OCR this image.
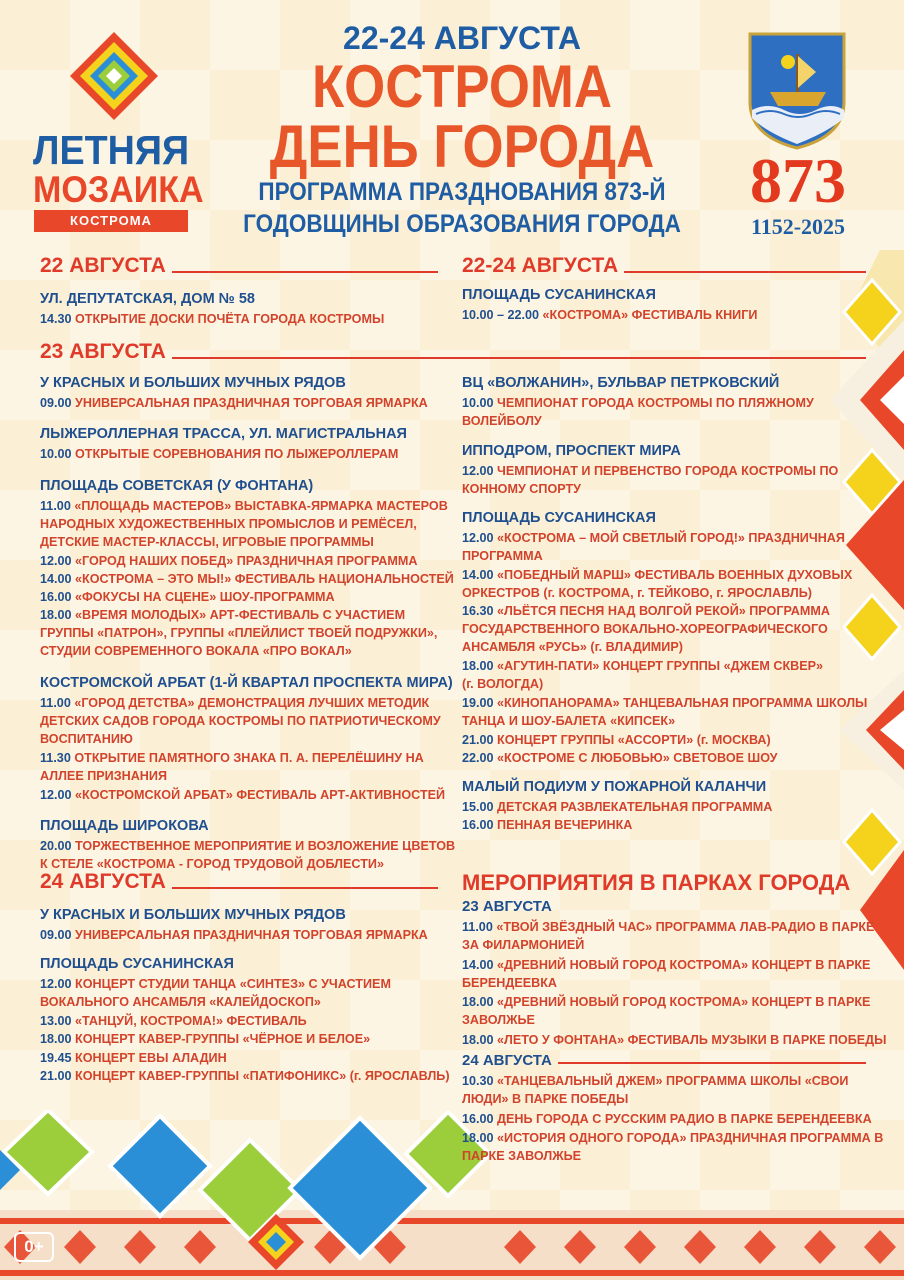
ЛЕТНЯЯ
МОЗАИКА
КОСТРОМА
22-24 АВГУСТА
КОСТРОМА
ДЕНЬ ГОРОДА
ПРОГРАММА ПРАЗДНОВАНИЯ 873-Й
ГОДОВЩИНЫ ОБРАЗОВАНИЯ ГОРОДА
873
1152-2025
22 АВГУСТА
УЛ. ДЕПУТАТСКАЯ, ДОМ № 58
14.30 ОТКРЫТИЕ ДОСКИ ПОЧЁТА ГОРОДА КОСТРОМЫ
22-24 АВГУСТА
ПЛОЩАДЬ СУСАНИНСКАЯ
10.00 – 22.00 «КОСТРОМА» ФЕСТИВАЛЬ КНИГИ
23 АВГУСТА
У КРАСНЫХ И БОЛЬШИХ МУЧНЫХ РЯДОВ
09.00 УНИВЕРСАЛЬНАЯ ПРАЗДНИЧНАЯ ТОРГОВАЯ ЯРМАРКА
ЛЫЖЕРОЛЛЕРНАЯ ТРАССА, УЛ. МАГИСТРАЛЬНАЯ
10.00 ОТКРЫТЫЕ СОРЕВНОВАНИЯ ПО ЛЫЖЕРОЛЛЕРАМ
ПЛОЩАДЬ СОВЕТСКАЯ (У ФОНТАНА)
11.00 «ПЛОЩАДЬ МАСТЕРОВ» ВЫСТАВКА-ЯРМАРКА МАСТЕРОВ
НАРОДНЫХ ХУДОЖЕСТВЕННЫХ ПРОМЫСЛОВ И РЕМЁСЕЛ,
ДЕТСКИЕ МАСТЕР-КЛАССЫ, ИГРОВЫЕ ПРОГРАММЫ
12.00 «ГОРОД НАШИХ ПОБЕД» ПРАЗДНИЧНАЯ ПРОГРАММА
14.00 «КОСТРОМА – ЭТО МЫ!» ФЕСТИВАЛЬ НАЦИОНАЛЬНОСТЕЙ
16.00 «ФОКУСЫ НА СЦЕНЕ» ШОУ-ПРОГРАММА
18.00 «ВРЕМЯ МОЛОДЫХ» АРТ-ФЕСТИВАЛЬ С УЧАСТИЕМ
ГРУППЫ «ПАТРОН», ГРУППЫ «ПЛЕЙЛИСТ ТВОЕЙ ПОДРУЖКИ»,
СТУДИИ СОВРЕМЕННОГО ВОКАЛА «ПРО ВОКАЛ»
КОСТРОМСКОЙ АРБАТ (1-Й КВАРТАЛ ПРОСПЕКТА МИРА)
11.00 «ГОРОД ДЕТСТВА» ДЕМОНСТРАЦИЯ ЛУЧШИХ МЕТОДИК
ДЕТСКИХ САДОВ ГОРОДА КОСТРОМЫ ПО ПАТРИОТИЧЕСКОМУ
ВОСПИТАНИЮ
11.30 ОТКРЫТИЕ ПАМЯТНОГО ЗНАКА П. А. ПЕРЕЛЁШИНУ НА
АЛЛЕЕ ПРИЗНАНИЯ
12.00 «КОСТРОМСКОЙ АРБАТ» ФЕСТИВАЛЬ АРТ-АКТИВНОСТЕЙ
ПЛОЩАДЬ ШИРОКОВА
20.00 ТОРЖЕСТВЕННОЕ МЕРОПРИЯТИЕ И ВОЗЛОЖЕНИЕ ЦВЕТОВ
К СТЕЛЕ «КОСТРОМА - ГОРОД ТРУДОВОЙ ДОБЛЕСТИ»
ВЦ «ВОЛЖАНИН», БУЛЬВАР ПЕТРКОВСКИЙ
10.00 ЧЕМПИОНАТ ГОРОДА КОСТРОМЫ ПО ПЛЯЖНОМУ
ВОЛЕЙБОЛУ
ИППОДРОМ, ПРОСПЕКТ МИРА
12.00 ЧЕМПИОНАТ И ПЕРВЕНСТВО ГОРОДА КОСТРОМЫ ПО
КОННОМУ СПОРТУ
ПЛОЩАДЬ СУСАНИНСКАЯ
12.00 «КОСТРОМА – МОЙ СВЕТЛЫЙ ГОРОД!» ПРАЗДНИЧНАЯ
ПРОГРАММА
14.00 «ПОБЕДНЫЙ МАРШ» ФЕСТИВАЛЬ ВОЕННЫХ ДУХОВЫХ
ОРКЕСТРОВ (г. КОСТРОМА, г. ТЕЙКОВО, г. ЯРОСЛАВЛЬ)
16.30 «ЛЬЁТСЯ ПЕСНЯ НАД ВОЛГОЙ РЕКОЙ» ПРОГРАММА
ГОСУДАРСТВЕННОГО ВОКАЛЬНО-ХОРЕОГРАФИЧЕСКОГО
АНСАМБЛЯ «РУСЬ» (г. ВЛАДИМИР)
18.00 «АГУТИН-ПАТИ» КОНЦЕРТ ГРУППЫ «ДЖЕМ СКВЕР»
(г. ВОЛОГДА)
19.00 «КИНОПАНОРАМА» ТАНЦЕВАЛЬНАЯ ПРОГРАММА ШКОЛЫ
ТАНЦА И ШОУ-БАЛЕТА «КИПСЕК»
21.00 КОНЦЕРТ ГРУППЫ «АССОРТИ» (г. МОСКВА)
22.00 «КОСТРОМЕ С ЛЮБОВЬЮ» СВЕТОВОЕ ШОУ
МАЛЫЙ ПОДИУМ У ПОЖАРНОЙ КАЛАНЧИ
15.00 ДЕТСКАЯ РАЗВЛЕКАТЕЛЬНАЯ ПРОГРАММА
16.00 ПЕННАЯ ВЕЧЕРИНКА
24 АВГУСТА
У КРАСНЫХ И БОЛЬШИХ МУЧНЫХ РЯДОВ
09.00 УНИВЕРСАЛЬНАЯ ПРАЗДНИЧНАЯ ТОРГОВАЯ ЯРМАРКА
ПЛОЩАДЬ СУСАНИНСКАЯ
12.00 КОНЦЕРТ СТУДИИ ТАНЦА «СИНТЕЗ» С УЧАСТИЕМ
ВОКАЛЬНОГО АНСАМБЛЯ «КАЛЕЙДОСКОП»
13.00 «ТАНЦУЙ, КОСТРОМА!» ФЕСТИВАЛЬ
18.00 КОНЦЕРТ КАВЕР-ГРУППЫ «ЧЁРНОЕ И БЕЛОЕ»
19.45 КОНЦЕРТ ЕВЫ АЛАДИН
21.00 КОНЦЕРТ КАВЕР-ГРУППЫ «ПАТИФОНИКС» (г. ЯРОСЛАВЛЬ)
МЕРОПРИЯТИЯ В ПАРКАХ ГОРОДА
23 АВГУСТА
11.00 «ТВОЙ ЗВЁЗДНЫЙ ЧАС» ПРОГРАММА ЛАВ-РАДИО В ПАРКЕ
ЗА ФИЛАРМОНИЕЙ
14.00 «ДРЕВНИЙ НОВЫЙ ГОРОД КОСТРОМА» КОНЦЕРТ В ПАРКЕ
БЕРЕНДЕЕВКА
18.00 «ДРЕВНИЙ НОВЫЙ ГОРОД КОСТРОМА» КОНЦЕРТ В ПАРКЕ
ЗАВОЛЖЬЕ
18.00 «ЛЕТО У ФОНТАНА» ФЕСТИВАЛЬ МУЗЫКИ В ПАРКЕ ПОБЕДЫ
24 АВГУСТА
10.30 «ТАНЦЕВАЛЬНЫЙ ДЖЕМ» ПРОГРАММА ШКОЛЫ «СВОИ
ЛЮДИ» В ПАРКЕ ПОБЕДЫ
16.00 ДЕНЬ ГОРОДА С РУССКИМ РАДИО В ПАРКЕ БЕРЕНДЕЕВКА
18.00 «ИСТОРИЯ ОДНОГО ГОРОДА» ПРАЗДНИЧНАЯ ПРОГРАММА В
ПАРКЕ ЗАВОЛЖЬЕ
0+
